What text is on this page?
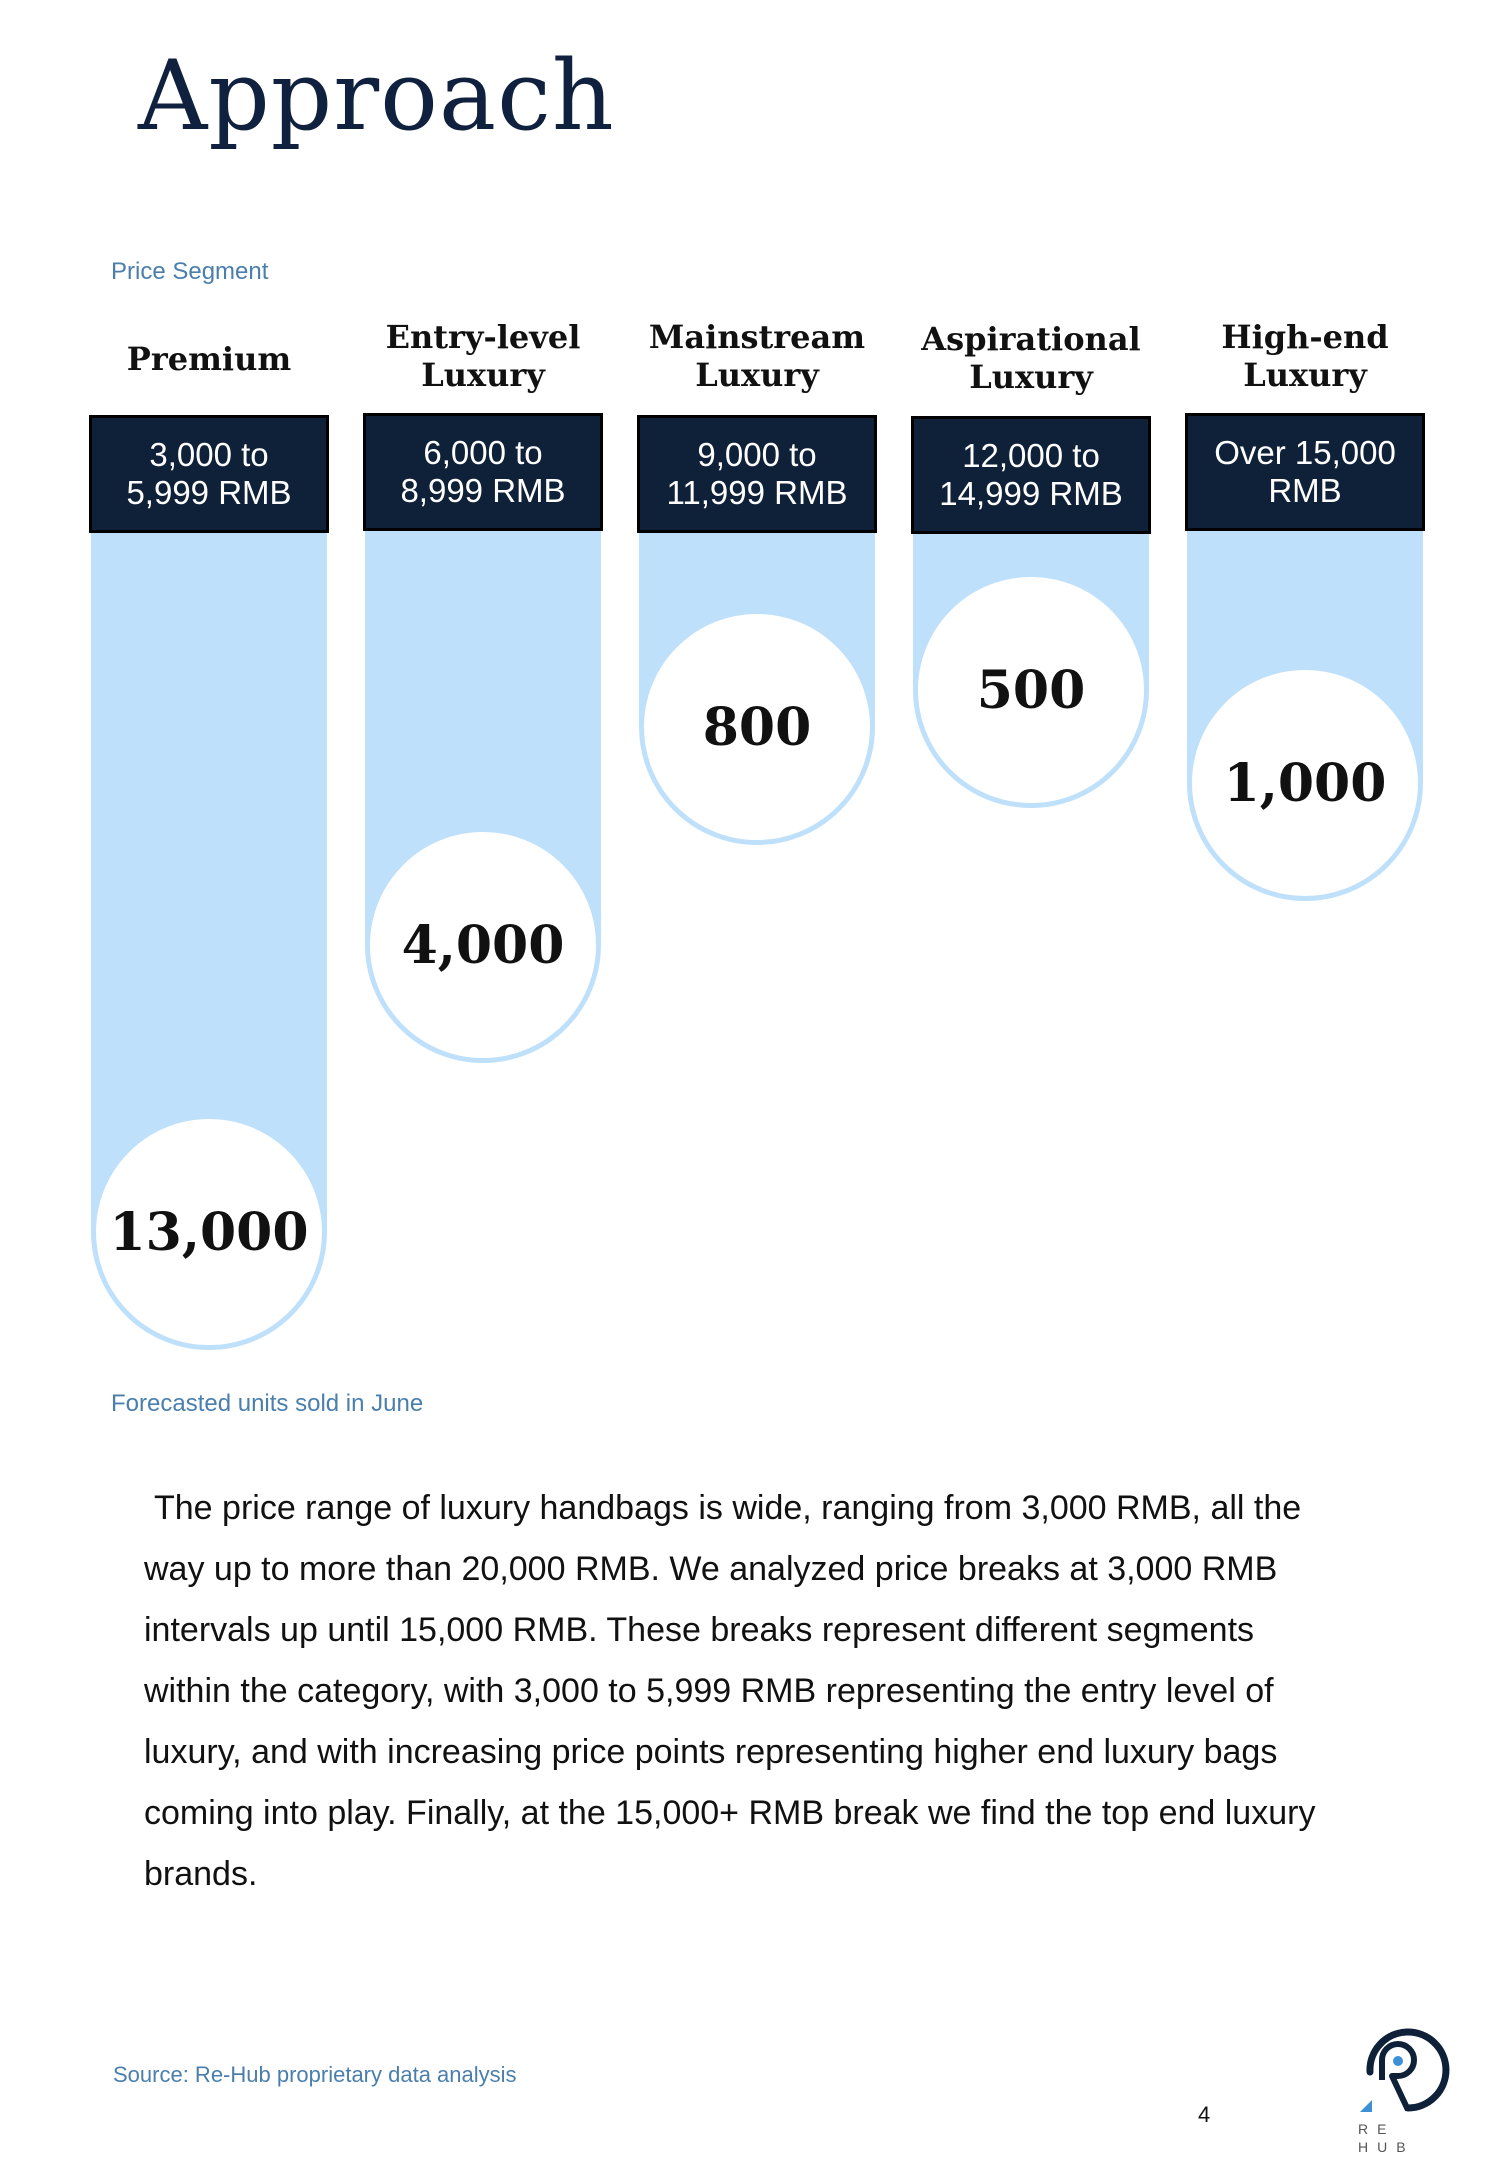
Approach
Price Segment
Premium
3,000 to
5,999 RMB
13,000
Entry-level
Luxury
6,000 to
8,999 RMB
4,000
Mainstream
Luxury
9,000 to
11,999 RMB
800
Aspirational
Luxury
12,000 to
14,999 RMB
500
High-end
Luxury
Over 15,000
RMB
1,000
Forecasted units sold in June

The price range of luxury handbags is wide, ranging from 3,000 RMB, all the way up to more than 20,000 RMB. We analyzed price breaks at 3,000 RMB intervals up until 15,000 RMB. These breaks represent different segments within the category, with 3,000 to 5,999 RMB representing the entry level of luxury, and with increasing price points representing higher end luxury bags coming into play. Finally, at the 15,000+ RMB break we find the top end luxury brands.

Source: Re-Hub proprietary data analysis
4
RE
HUB
